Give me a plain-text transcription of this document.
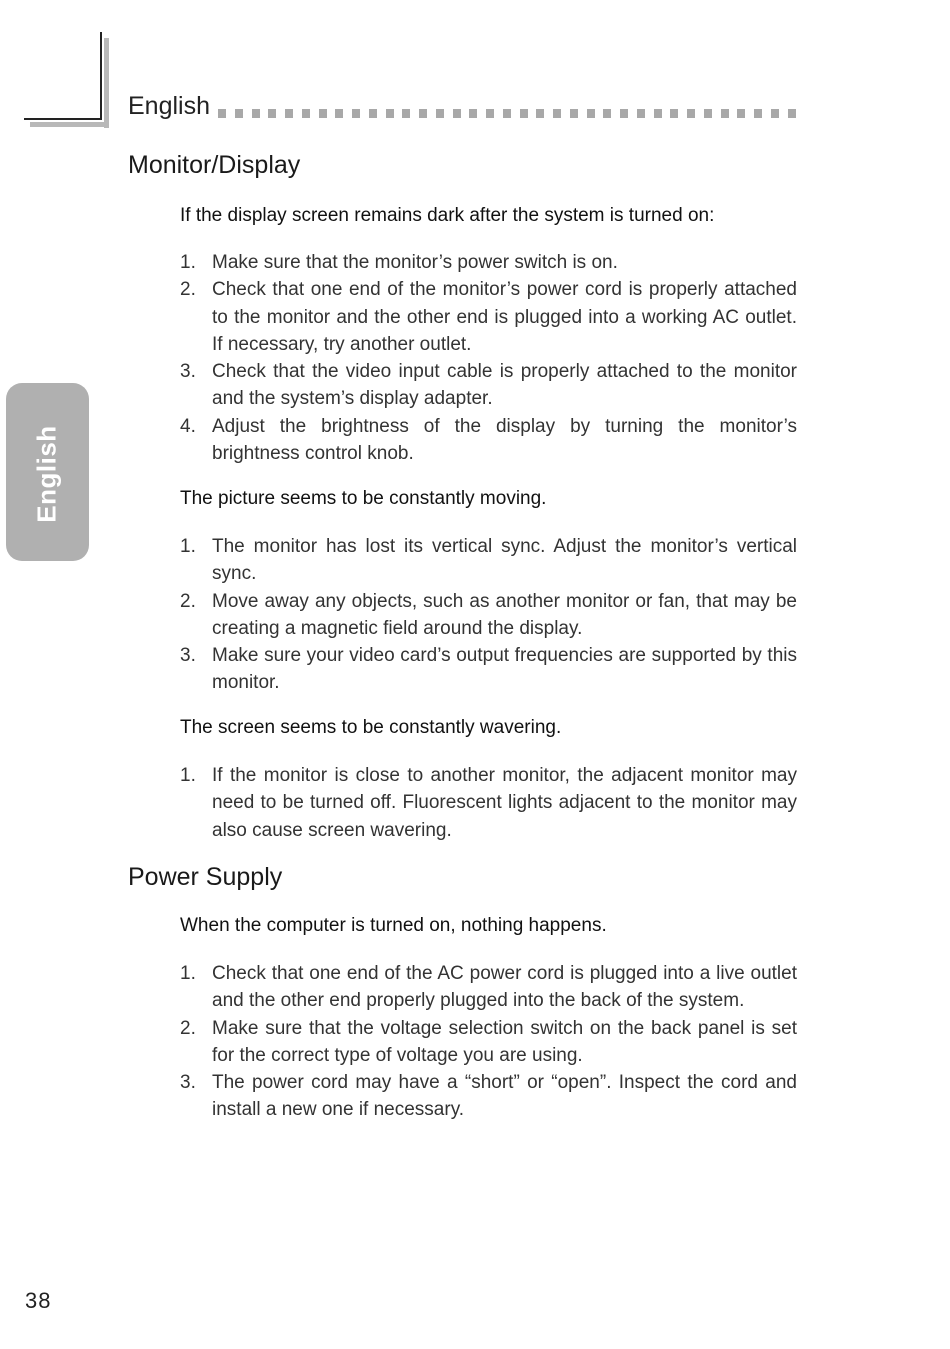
English
English
Monitor/Display

If the display screen remains dark after the system is turned on:

1. Make sure that the monitor’s power switch is on.
2. Check that one end of the monitor’s power cord is properly attached to the monitor and the other end is plugged into a working AC outlet. If necessary, try another outlet.
3. Check that the video input cable is properly attached to the monitor and the system’s display adapter.
4. Adjust the brightness of the display by turning the monitor’s brightness control knob.

The picture seems to be constantly moving.

1. The monitor has lost its vertical sync. Adjust the monitor’s vertical sync.
2. Move away any objects, such as another monitor or fan, that may be creating a magnetic field around the display.
3. Make sure your video card’s output frequencies are supported by this monitor.

The screen seems to be constantly wavering.

1. If the monitor is close to another monitor, the adjacent monitor may need to be turned off. Fluorescent lights adjacent to the monitor may also cause screen wavering.
Power Supply

When the computer is turned on, nothing happens.

1. Check that one end of the AC power cord is plugged into a live outlet and the other end properly plugged into the back of the system.
2. Make sure that the voltage selection switch on the back panel is set for the correct type of voltage you are using.
3. The power cord may have a “short” or “open”. Inspect the cord and install a new one if necessary.
38
